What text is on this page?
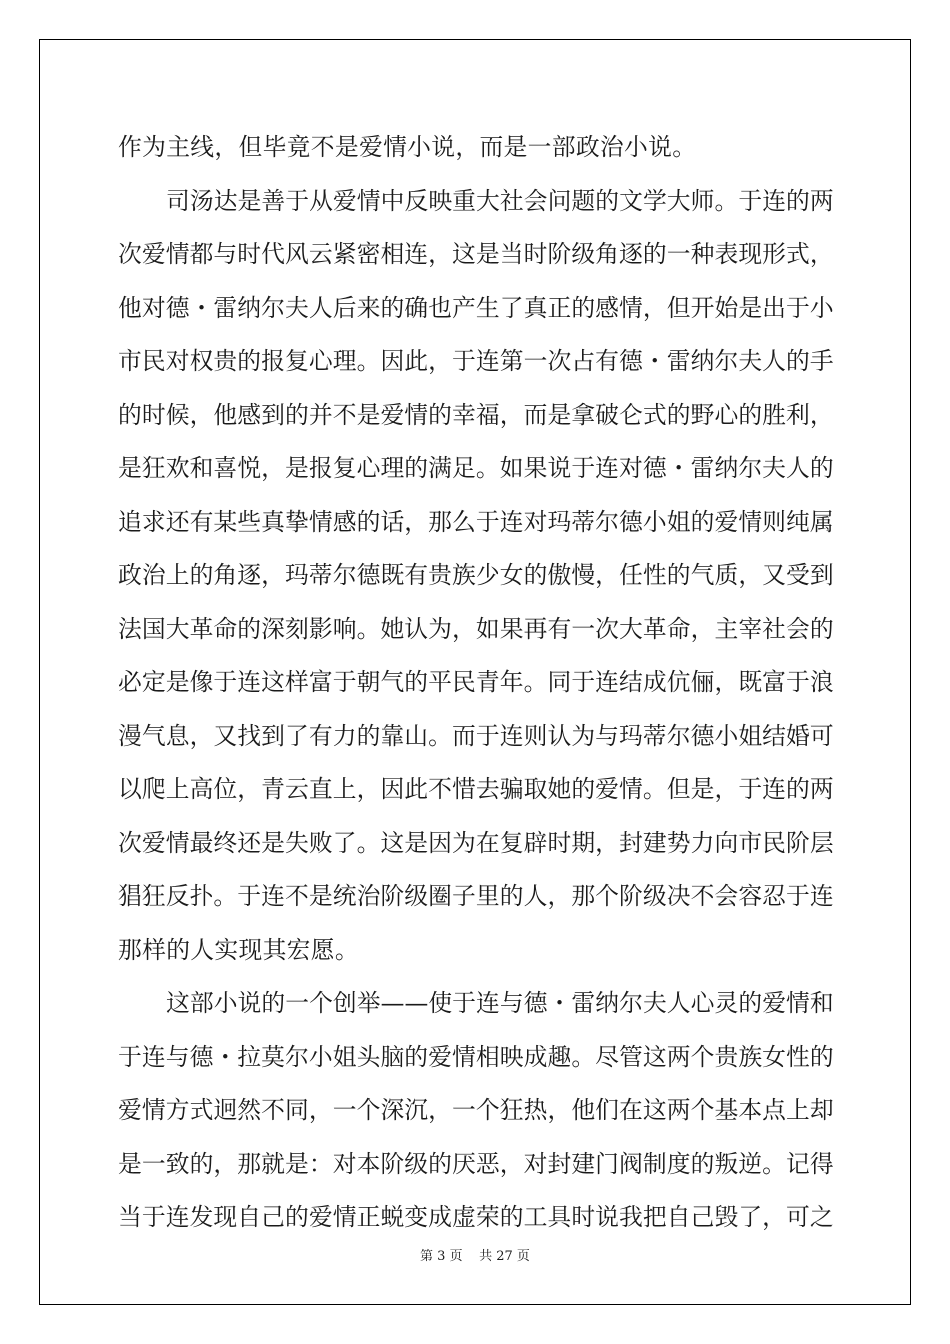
作为主线，但毕竟不是爱情小说，而是一部政治小说。
司汤达是善于从爱情中反映重大社会问题的文学大师。于连的两
次爱情都与时代风云紧密相连，这是当时阶级角逐的一种表现形式，
他对德・雷纳尔夫人后来的确也产生了真正的感情，但开始是出于小
市民对权贵的报复心理。因此，于连第一次占有德・雷纳尔夫人的手
的时候，他感到的并不是爱情的幸福，而是拿破仑式的野心的胜利，
是狂欢和喜悦，是报复心理的满足。如果说于连对德・雷纳尔夫人的
追求还有某些真挚情感的话，那么于连对玛蒂尔德小姐的爱情则纯属
政治上的角逐，玛蒂尔德既有贵族少女的傲慢，任性的气质，又受到
法国大革命的深刻影响。她认为，如果再有一次大革命，主宰社会的
必定是像于连这样富于朝气的平民青年。同于连结成伉俪，既富于浪
漫气息，又找到了有力的靠山。而于连则认为与玛蒂尔德小姐结婚可
以爬上高位，青云直上，因此不惜去骗取她的爱情。但是，于连的两
次爱情最终还是失败了。这是因为在复辟时期，封建势力向市民阶层
猖狂反扑。于连不是统治阶级圈子里的人，那个阶级决不会容忍于连
那样的人实现其宏愿。
这部小说的一个创举——使于连与德・雷纳尔夫人心灵的爱情和
于连与德・拉莫尔小姐头脑的爱情相映成趣。尽管这两个贵族女性的
爱情方式迥然不同，一个深沉，一个狂热，他们在这两个基本点上却
是一致的，那就是：对本阶级的厌恶，对封建门阀制度的叛逆。记得
当于连发现自己的爱情正蜕变成虚荣的工具时说我把自己毁了，可之
第 3 页 共 27 页
